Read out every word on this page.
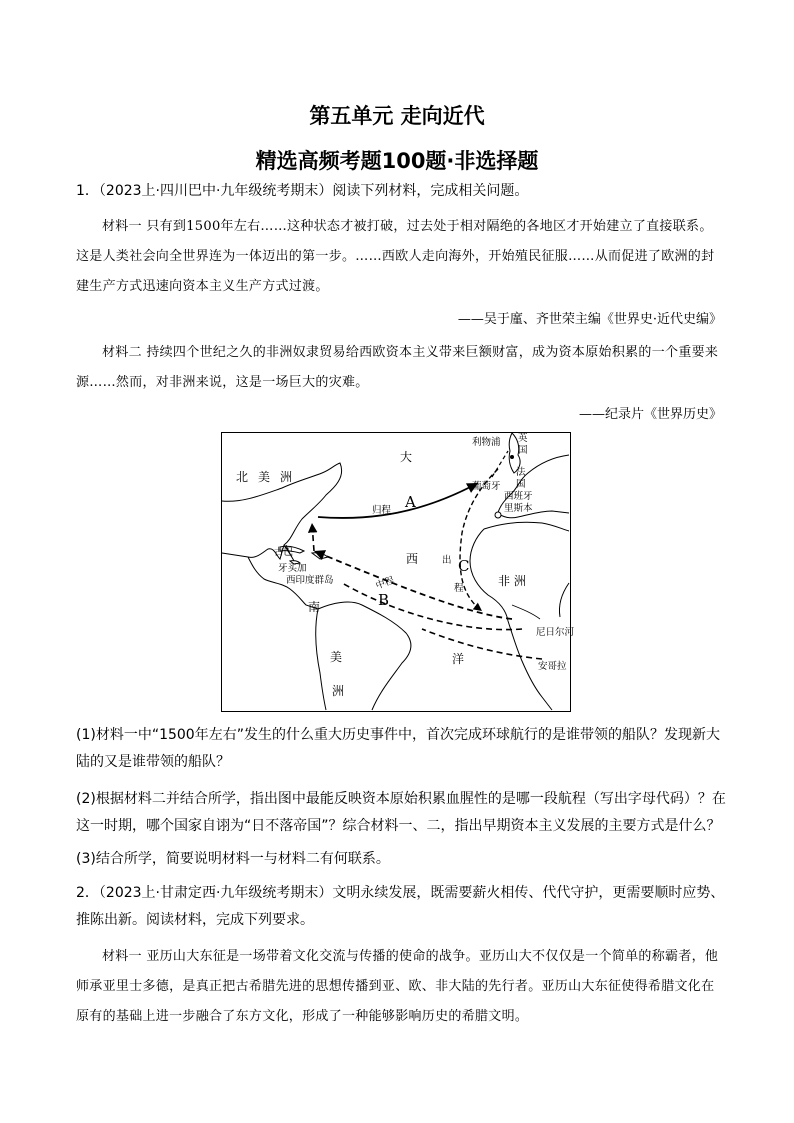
第五单元 走向近代
精选高频考题100题·非选择题
1．（2023上·四川巴中·九年级统考期末）阅读下列材料，完成相关问题。
材料一 只有到1500年左右……这种状态才被打破，过去处于相对隔绝的各地区才开始建立了直接联系。这是人类社会向全世界连为一体迈出的第一步。……西欧人走向海外，开始殖民征服……从而促进了欧洲的封建生产方式迅速向资本主义生产方式过渡。
——吴于廑、齐世荣主编《世界史·近代史编》
材料二 持续四个世纪之久的非洲奴隶贸易给西欧资本主义带来巨额财富，成为资本原始积累的一个重要来源……然而，对非洲来说，这是一场巨大的灾难。
——纪录片《世界历史》
北 美 洲
大
西
洋
南
美
洲
非 洲
A
B
C
归程
中程
出
程
英
国
利物浦
法
国
葡萄牙
西班牙
里斯本
古巴
牙买加
西印度群岛
尼日尔河
安哥拉
(1)材料一中“1500年左右”发生的什么重大历史事件中，首次完成环球航行的是谁带领的船队？发现新大陆的又是谁带领的船队？
(2)根据材料二并结合所学，指出图中最能反映资本原始积累血腥性的是哪一段航程（写出字母代码）？在这一时期，哪个国家自诩为“日不落帝国”？综合材料一、二，指出早期资本主义发展的主要方式是什么？
(3)结合所学，简要说明材料一与材料二有何联系。
2．（2023上·甘肃定西·九年级统考期末）文明永续发展，既需要薪火相传、代代守护，更需要顺时应势、推陈出新。阅读材料，完成下列要求。
材料一 亚历山大东征是一场带着文化交流与传播的使命的战争。亚历山大不仅仅是一个简单的称霸者，他师承亚里士多德，是真正把古希腊先进的思想传播到亚、欧、非大陆的先行者。亚历山大东征使得希腊文化在原有的基础上进一步融合了东方文化，形成了一种能够影响历史的希腊文明。
